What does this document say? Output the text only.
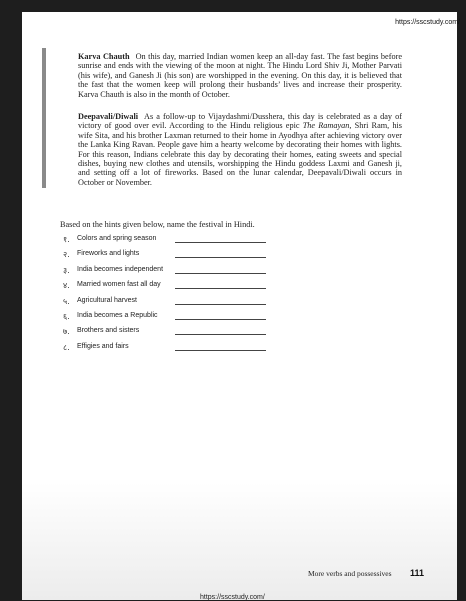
https://sscstudy.com/

Karva Chauth On this day, married Indian women keep an all-day fast. The fast begins before sunrise and ends with the viewing of the moon at night. The Hindu Lord Shiv Ji, Mother Parvati (his wife), and Ganesh Ji (his son) are worshipped in the evening. On this day, it is believed that the fast that the women keep will prolong their husbands’ lives and increase their prosperity. Karva Chauth is also in the month of October.

Deepavali/Diwali As a follow-up to Vijaydashmi/Dusshera, this day is celebrated as a day of victory of good over evil. According to the Hindu religious epic The Ramayan, Shri Ram, his wife Sita, and his brother Laxman returned to their home in Ayodhya after achieving victory over the Lanka King Ravan. People gave him a hearty welcome by decorating their homes with lights. For this reason, Indians celebrate this day by decorating their homes, eating sweets and special dishes, buying new clothes and utensils, worshipping the Hindu goddess Laxmi and Ganesh ji, and setting off a lot of fireworks. Based on the lunar calendar, Deepavali/Diwali occurs in October or November.

Based on the hints given below, name the festival in Hindi.
१. Colors and spring season
२. Fireworks and lights
३. India becomes independent
४. Married women fast all day
५. Agricultural harvest
६. India becomes a Republic
७. Brothers and sisters
८. Effigies and fairs
More verbs and possessives 111
https://sscstudy.com/
